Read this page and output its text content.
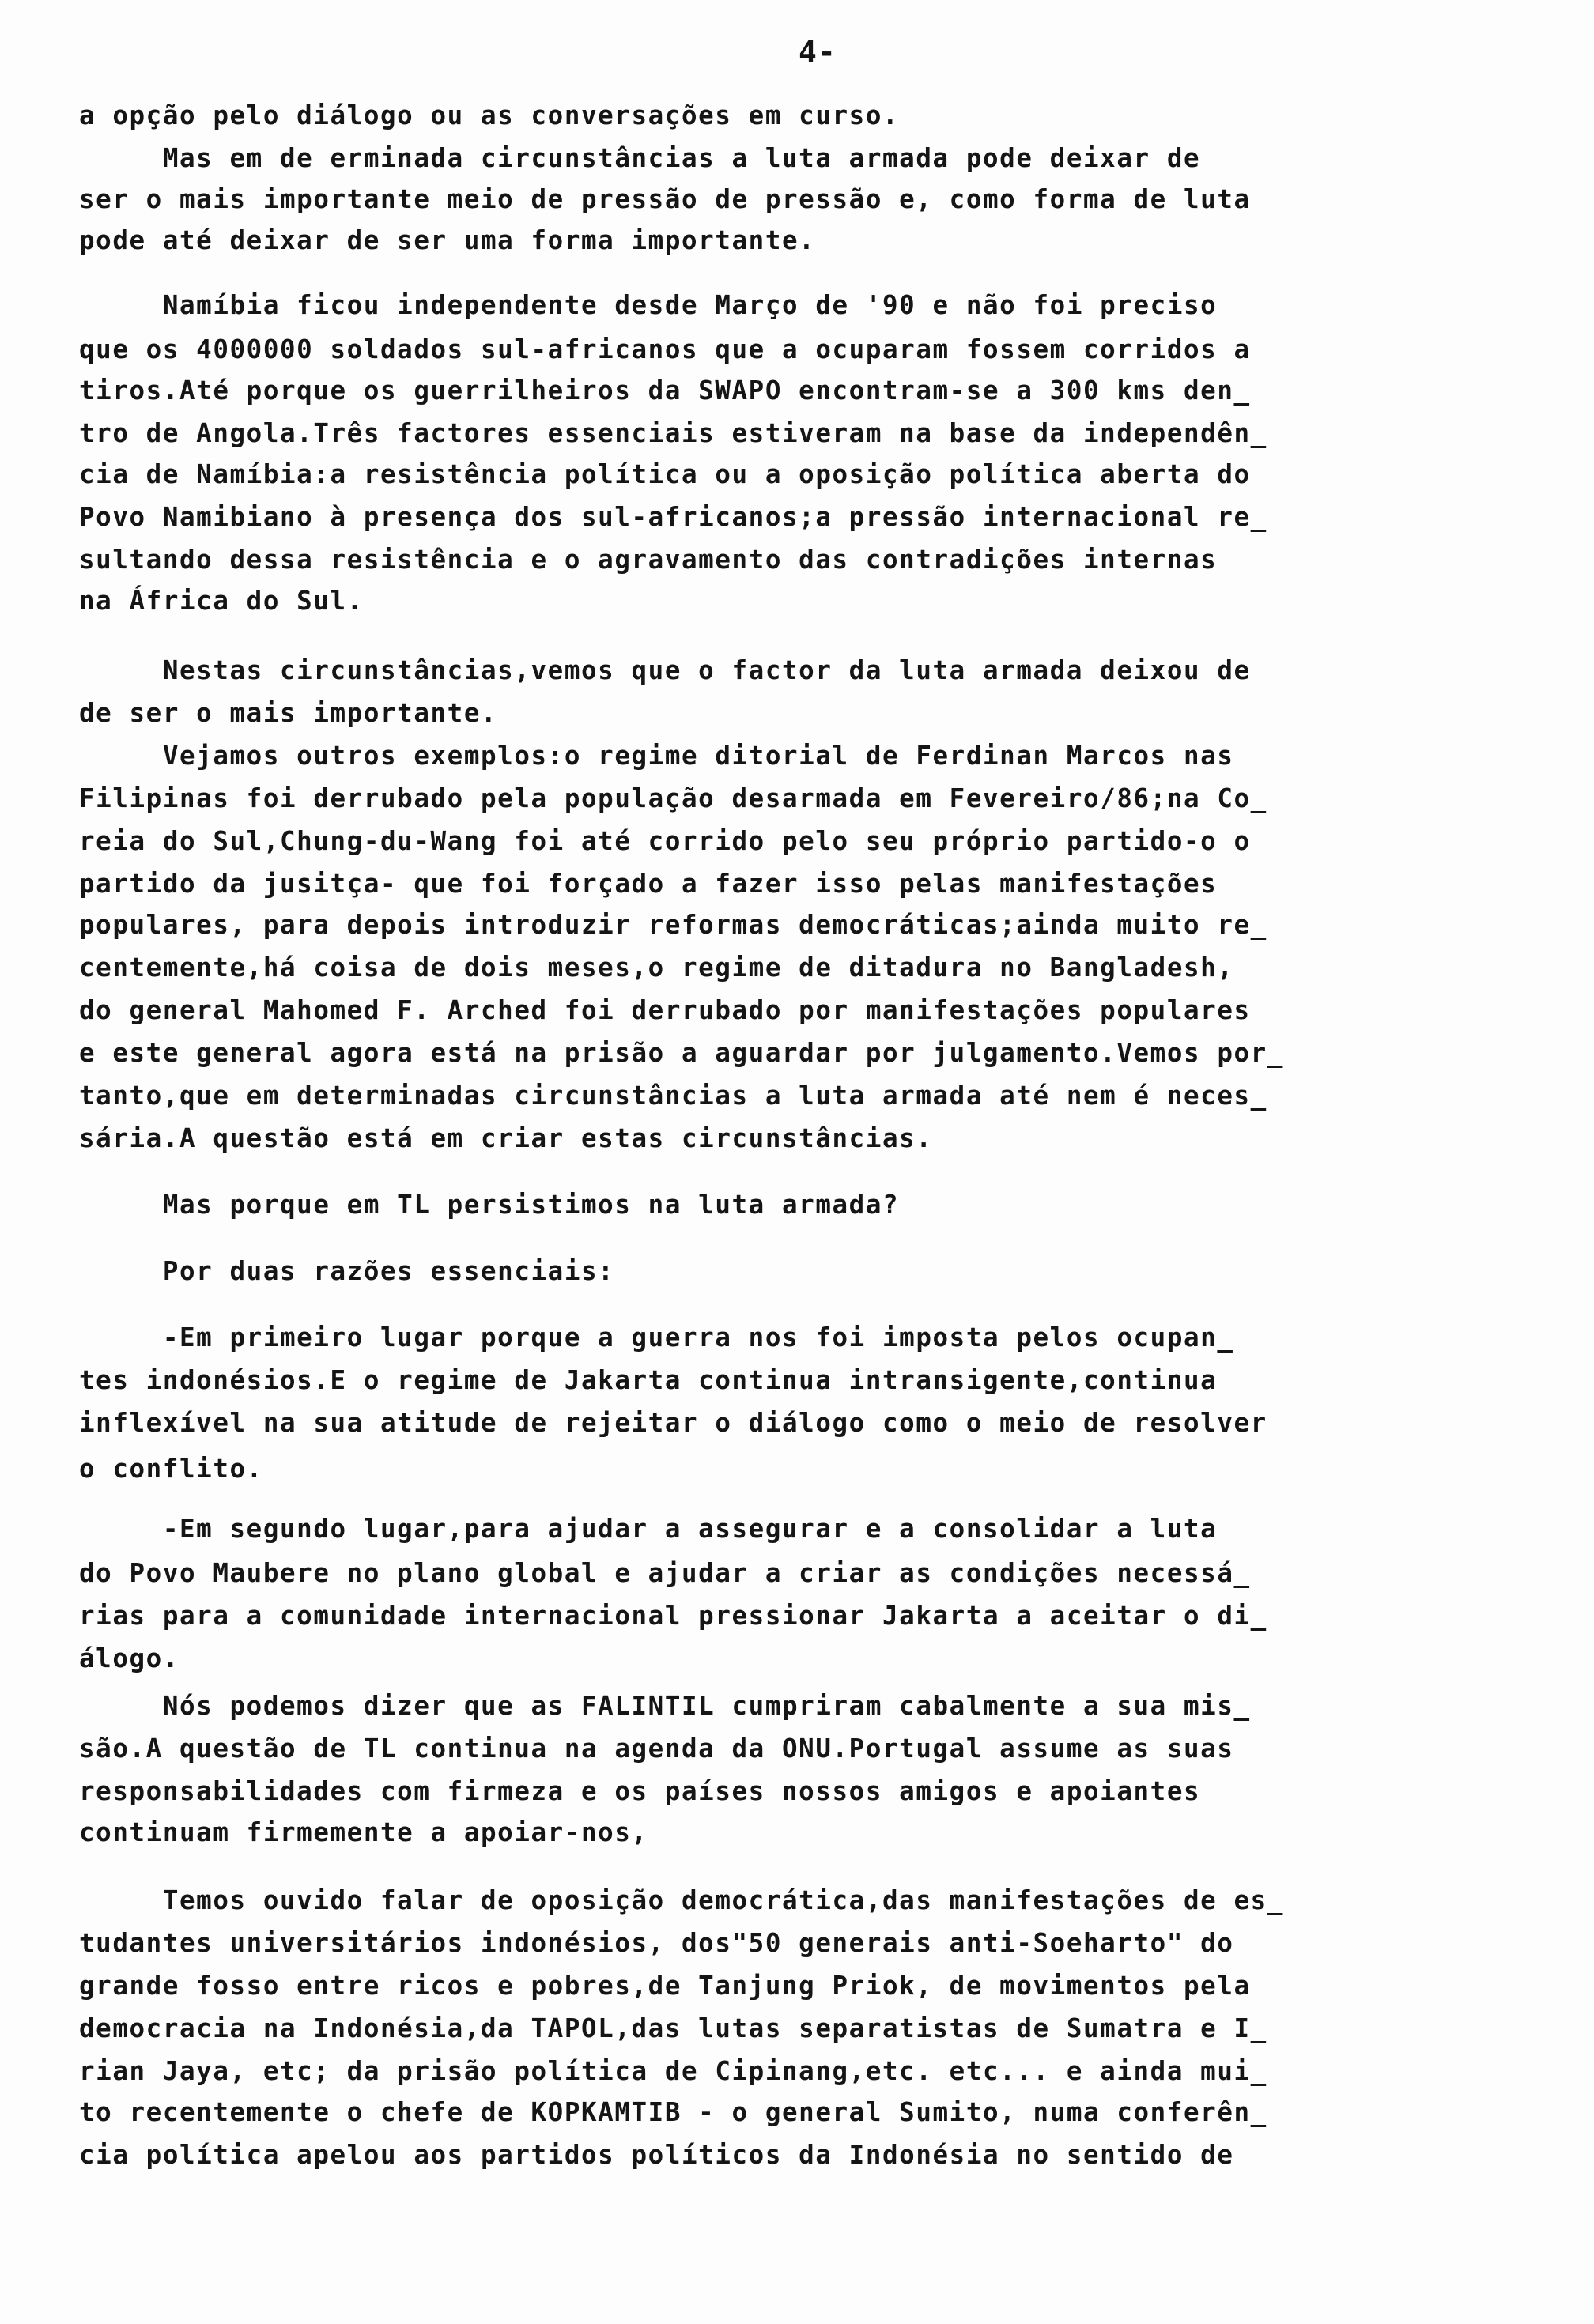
4-
a opção pelo diálogo ou as conversações em curso.
Mas em de erminada circunstâncias a luta armada pode deixar de
ser o mais importante meio de pressão de pressão e, como forma de luta
pode até deixar de ser uma forma importante.
Namíbia ficou independente desde Março de '90 e não foi preciso
que os 4000000 soldados sul-africanos que a ocuparam fossem corridos a
tiros.Até porque os guerrilheiros da SWAPO encontram-se a 300 kms den_
tro de Angola.Três factores essenciais estiveram na base da independên_
cia de Namíbia:a resistência política ou a oposição política aberta do
Povo Namibiano à presença dos sul-africanos;a pressão internacional re_
sultando dessa resistência e o agravamento das contradições internas
na África do Sul.
Nestas circunstâncias,vemos que o factor da luta armada deixou de
de ser o mais importante.
Vejamos outros exemplos:o regime ditorial de Ferdinan Marcos nas
Filipinas foi derrubado pela população desarmada em Fevereiro/86;na Co_
reia do Sul,Chung-du-Wang foi até corrido pelo seu próprio partido-o o
partido da jusitça- que foi forçado a fazer isso pelas manifestações
populares, para depois introduzir reformas democráticas;ainda muito re_
centemente,há coisa de dois meses,o regime de ditadura no Bangladesh,
do general Mahomed F. Arched foi derrubado por manifestações populares
e este general agora está na prisão a aguardar por julgamento.Vemos por_
tanto,que em determinadas circunstâncias a luta armada até nem é neces_
sária.A questão está em criar estas circunstâncias.
Mas porque em TL persistimos na luta armada?
Por duas razões essenciais:
-Em primeiro lugar porque a guerra nos foi imposta pelos ocupan_
tes indonésios.E o regime de Jakarta continua intransigente,continua
inflexível na sua atitude de rejeitar o diálogo como o meio de resolver
o conflito.
-Em segundo lugar,para ajudar a assegurar e a consolidar a luta
do Povo Maubere no plano global e ajudar a criar as condições necessá_
rias para a comunidade internacional pressionar Jakarta a aceitar o di_
álogo.
Nós podemos dizer que as FALINTIL cumpriram cabalmente a sua mis_
são.A questão de TL continua na agenda da ONU.Portugal assume as suas
responsabilidades com firmeza e os países nossos amigos e apoiantes
continuam firmemente a apoiar-nos,
Temos ouvido falar de oposição democrática,das manifestações de es_
tudantes universitários indonésios, dos"50 generais anti-Soeharto" do
grande fosso entre ricos e pobres,de Tanjung Priok, de movimentos pela
democracia na Indonésia,da TAPOL,das lutas separatistas de Sumatra e I_
rian Jaya, etc; da prisão política de Cipinang,etc. etc... e ainda mui_
to recentemente o chefe de KOPKAMTIB - o general Sumito, numa conferên_
cia política apelou aos partidos políticos da Indonésia no sentido de
